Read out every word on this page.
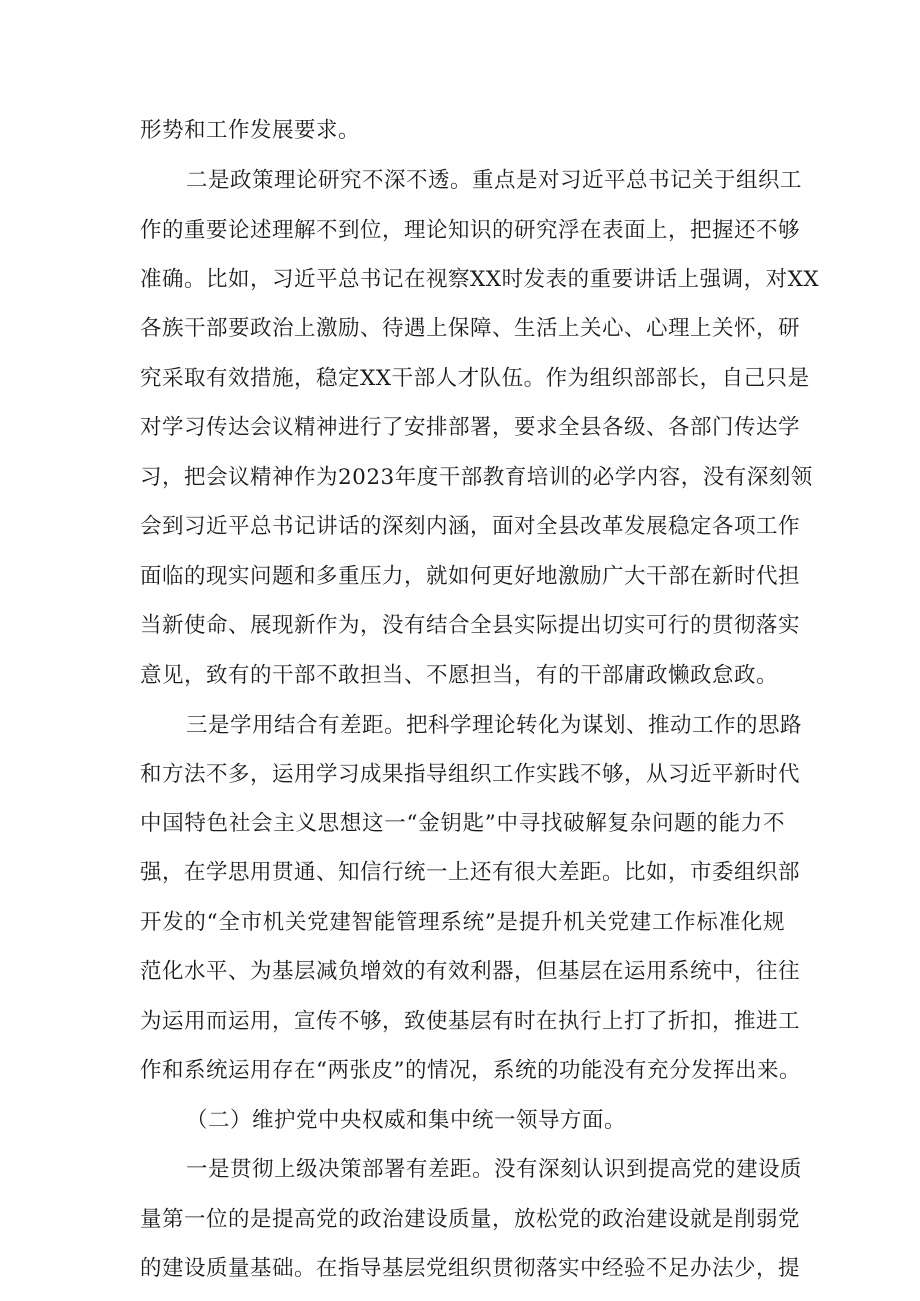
形势和工作发展要求。
二是政策理论研究不深不透。重点是对习近平总书记关于组织工
作的重要论述理解不到位，理论知识的研究浮在表面上，把握还不够
准确。比如，习近平总书记在视察XX时发表的重要讲话上强调，对XX
各族干部要政治上激励、待遇上保障、生活上关心、心理上关怀，研
究采取有效措施，稳定XX干部人才队伍。作为组织部部长，自己只是
对学习传达会议精神进行了安排部署，要求全县各级、各部门传达学
习，把会议精神作为2023年度干部教育培训的必学内容，没有深刻领
会到习近平总书记讲话的深刻内涵，面对全县改革发展稳定各项工作
面临的现实问题和多重压力，就如何更好地激励广大干部在新时代担
当新使命、展现新作为，没有结合全县实际提出切实可行的贯彻落实
意见，致有的干部不敢担当、不愿担当，有的干部庸政懒政怠政。
三是学用结合有差距。把科学理论转化为谋划、推动工作的思路
和方法不多，运用学习成果指导组织工作实践不够，从习近平新时代
中国特色社会主义思想这一“金钥匙”中寻找破解复杂问题的能力不
强，在学思用贯通、知信行统一上还有很大差距。比如，市委组织部
开发的“全市机关党建智能管理系统”是提升机关党建工作标准化规
范化水平、为基层减负增效的有效利器，但基层在运用系统中，往往
为运用而运用，宣传不够，致使基层有时在执行上打了折扣，推进工
作和系统运用存在“两张皮”的情况，系统的功能没有充分发挥出来。
（二）维护党中央权威和集中统一领导方面。
一是贯彻上级决策部署有差距。没有深刻认识到提高党的建设质
量第一位的是提高党的政治建设质量，放松党的政治建设就是削弱党
的建设质量基础。在指导基层党组织贯彻落实中经验不足办法少，提
